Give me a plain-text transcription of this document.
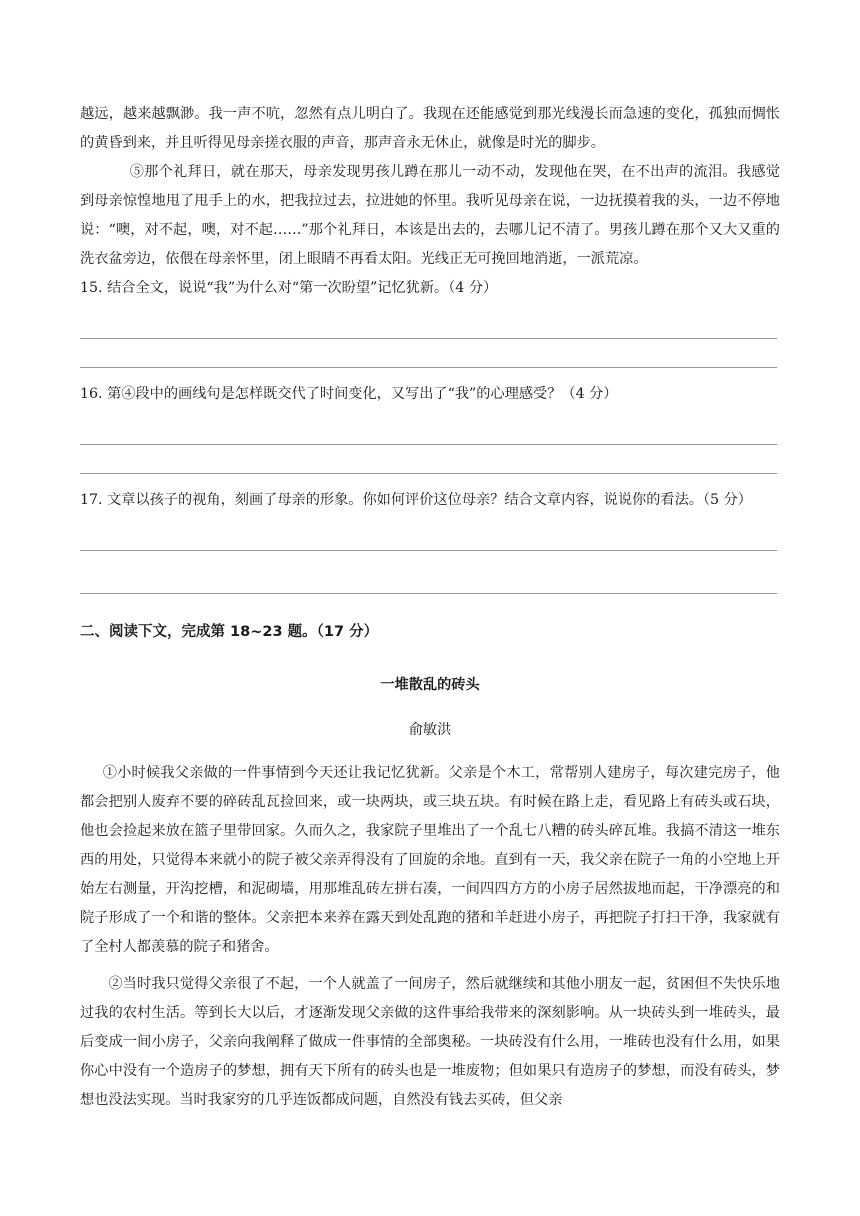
越远，越来越飘渺。我一声不吭，忽然有点儿明白了。我现在还能感觉到那光线漫长而急速的变化，孤独而惆怅的黄昏到来，并且听得见母亲搓衣服的声音，那声音永无休止，就像是时光的脚步。

⑤那个礼拜日，就在那天，母亲发现男孩儿蹲在那儿一动不动，发现他在哭，在不出声的流泪。我感觉到母亲惊惶地甩了甩手上的水，把我拉过去，拉进她的怀里。我听见母亲在说，一边抚摸着我的头，一边不停地说：“噢，对不起，噢，对不起……”那个礼拜日，本该是出去的，去哪儿记不清了。男孩儿蹲在那个又大又重的洗衣盆旁边，依偎在母亲怀里，闭上眼睛不再看太阳。光线正无可挽回地消逝，一派荒凉。

15. 结合全文，说说“我”为什么对“第一次盼望”记忆犹新。（4 分）

16. 第④段中的画线句是怎样既交代了时间变化，又写出了“我”的心理感受？（4 分）

17. 文章以孩子的视角，刻画了母亲的形象。你如何评价这位母亲？结合文章内容，说说你的看法。（5 分）

二、阅读下文，完成第 18~23 题。（17 分）

一堆散乱的砖头

俞敏洪

①小时候我父亲做的一件事情到今天还让我记忆犹新。父亲是个木工，常帮别人建房子，每次建完房子，他都会把别人废弃不要的碎砖乱瓦捡回来，或一块两块，或三块五块。有时候在路上走，看见路上有砖头或石块，他也会捡起来放在篮子里带回家。久而久之，我家院子里堆出了一个乱七八糟的砖头碎瓦堆。我搞不清这一堆东西的用处，只觉得本来就小的院子被父亲弄得没有了回旋的余地。直到有一天，我父亲在院子一角的小空地上开始左右测量，开沟挖槽，和泥砌墙，用那堆乱砖左拼右凑，一间四四方方的小房子居然拔地而起，干净漂亮的和院子形成了一个和谐的整体。父亲把本来养在露天到处乱跑的猪和羊赶进小房子，再把院子打扫干净，我家就有了全村人都羡慕的院子和猪舍。

②当时我只觉得父亲很了不起，一个人就盖了一间房子，然后就继续和其他小朋友一起，贫困但不失快乐地过我的农村生活。等到长大以后，才逐渐发现父亲做的这件事给我带来的深刻影响。从一块砖头到一堆砖头，最后变成一间小房子，父亲向我阐释了做成一件事情的全部奥秘。一块砖没有什么用，一堆砖也没有什么用，如果你心中没有一个造房子的梦想，拥有天下所有的砖头也是一堆废物；但如果只有造房子的梦想，而没有砖头，梦想也没法实现。当时我家穷的几乎连饭都成问题，自然没有钱去买砖，但父亲
